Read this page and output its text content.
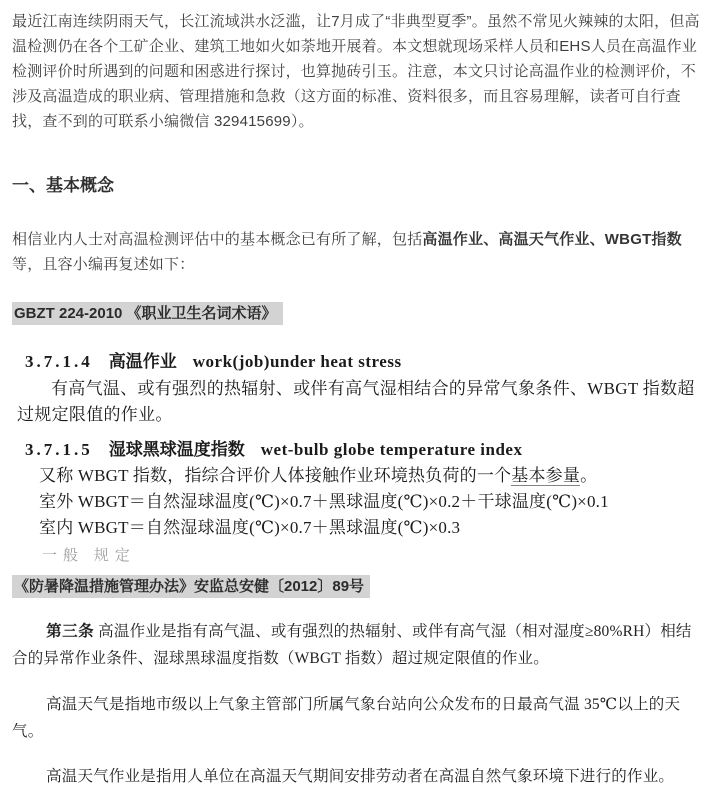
最近江南连续阴雨天气，长江流域洪水泛滥，让7月成了“非典型夏季”。虽然不常见火辣辣的太阳，但高温检测仍在各个工矿企业、建筑工地如火如荼地开展着。本文想就现场采样人员和EHS人员在高温作业检测评价时所遇到的问题和困惑进行探讨，也算抛砖引玉。注意，本文只讨论高温作业的检测评价，不涉及高温造成的职业病、管理措施和急救（这方面的标准、资料很多，而且容易理解，读者可自行查找，查不到的可联系小编微信 329415699）。

一、基本概念

相信业内人士对高温检测评估中的基本概念已有所了解，包括高温作业、高温天气作业、WBGT指数等，且容小编再复述如下：

GBZT 224-2010 《职业卫生名词术语》
3.7.1.4 高温作业 work(job)under heat stress

有高气温、或有强烈的热辐射、或伴有高气湿相结合的异常气象条件、WBGT 指数超过规定限值的作业。

3.7.1.5 湿球黑球温度指数 wet-bulb globe temperature index
又称 WBGT 指数，指综合评价人体接触作业环境热负荷的一个基本参量。
室外 WBGT＝自然湿球温度(℃)×0.7＋黑球温度(℃)×0.2＋干球温度(℃)×0.1
室内 WBGT＝自然湿球温度(℃)×0.7＋黑球温度(℃)×0.3
一般 规定
《防暑降温措施管理办法》安监总安健〔2012〕89号

第三条 高温作业是指有高气温、或有强烈的热辐射、或伴有高气湿（相对湿度≥80%RH）相结合的异常作业条件、湿球黑球温度指数（WBGT 指数）超过规定限值的作业。

高温天气是指地市级以上气象主管部门所属气象台站向公众发布的日最高气温 35℃以上的天气。

高温天气作业是指用人单位在高温天气期间安排劳动者在高温自然气象环境下进行的作业。
